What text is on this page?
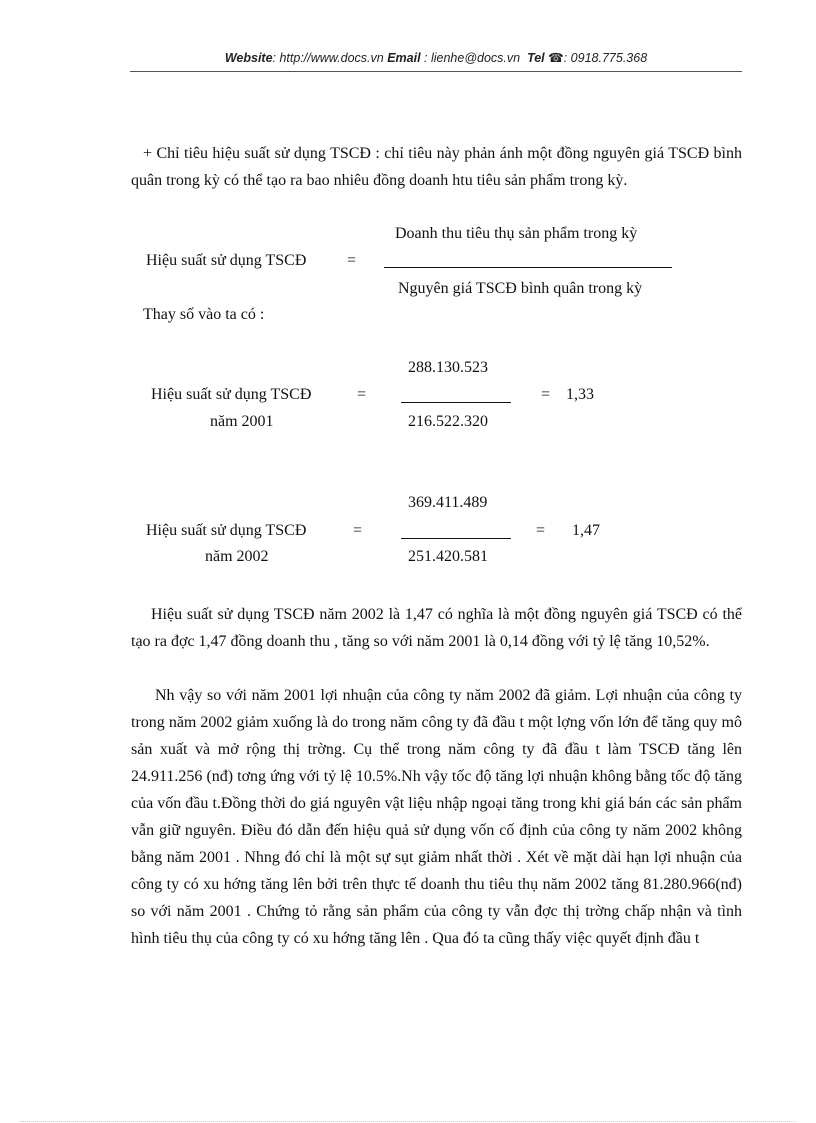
Website: http://www.docs.vn Email : lienhe@docs.vn Tel ☎: 0918.775.368
+ Chỉ tiêu hiệu suất sử dụng TSCĐ : chỉ tiêu này phản ánh một đồng nguyên giá TSCĐ bình quân trong kỳ có thể tạo ra bao nhiêu đồng doanh htu tiêu sản phẩm trong kỳ.
Doanh thu tiêu thụ sản phẩm trong kỳ
Hiệu suất sử dụng TSCĐ	=
Nguyên giá TSCĐ bình quân trong kỳ
Thay số vào ta có :
288.130.523
Hiệu suất sử dụng TSCĐ	=	= 1,33
năm 2001	216.522.320
369.411.489
Hiệu suất sử dụng TSCĐ	=	= 1,47
năm 2002	251.420.581
Hiệu suất sử dụng TSCĐ năm 2002 là 1,47 có nghĩa là một đồng nguyên giá TSCĐ có thể tạo ra đợc 1,47 đồng doanh thu , tăng so với năm 2001 là 0,14 đồng với tỷ lệ tăng 10,52%.
Nh vậy so với năm 2001 lợi nhuận của công ty năm 2002 đã giảm. Lợi nhuận của công ty trong năm 2002 giảm xuống là do trong năm công ty đã đầu t một lợng vốn lớn để tăng quy mô sản xuất và mở rộng thị trờng. Cụ thể trong năm công ty đã đầu t làm TSCĐ tăng lên 24.911.256 (nđ) tơng ứng với tỷ lệ 10.5%.Nh vậy tốc độ tăng lợi nhuận không bằng tốc độ tăng của vốn đầu t.Đồng thời do giá nguyên vật liệu nhập ngoại tăng trong khi giá bán các sản phẩm vẫn giữ nguyên. Điều đó dẫn đến hiệu quả sử dụng vốn cố định của công ty năm 2002 không bằng năm 2001 . Nhng đó chỉ là một sự sụt giảm nhất thời . Xét về mặt dài hạn lợi nhuận của công ty có xu hớng tăng lên bởi trên thực tế doanh thu tiêu thụ năm 2002 tăng 81.280.966(nđ) so với năm 2001 . Chứng tỏ rằng sản phẩm của công ty vẫn đợc thị trờng chấp nhận và tình hình tiêu thụ của công ty có xu hớng tăng lên . Qua đó ta cũng thấy việc quyết định đầu t
